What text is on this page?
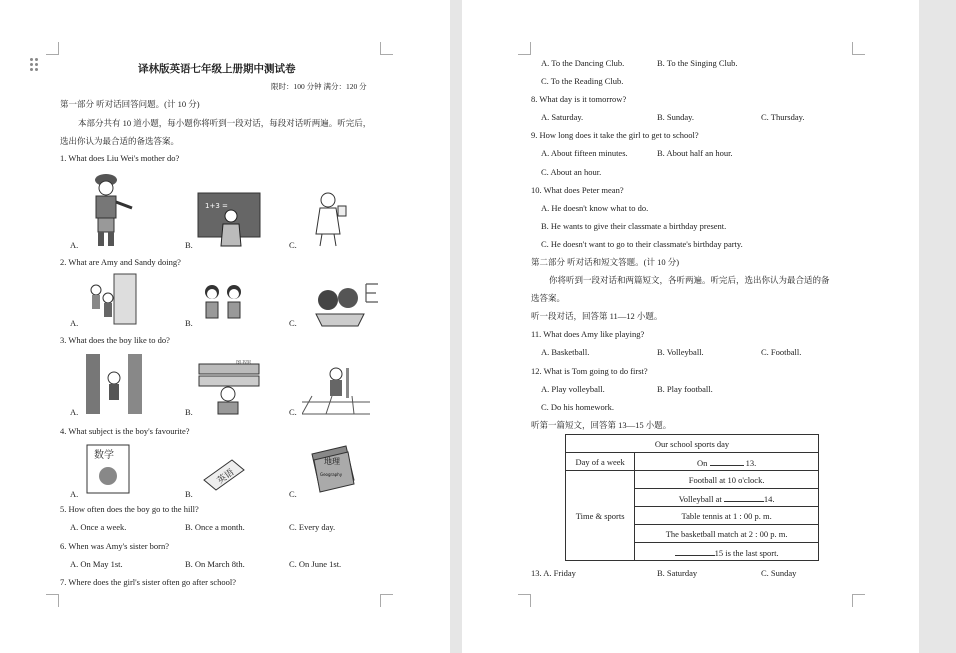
译林版英语七年级上册期中测试卷
限时：100 分钟 满分：120 分
第一部分 听对话回答问题。(计 10 分)
本部分共有 10 道小题，每小题你将听到一段对话，每段对话听两遍。听完后，
选出你认为最合适的备选答案。
1. What does Liu Wei's mother do?
1+3 =
A.	B.	C.
2. What are Amy and Sandy doing?
A.	B.	C.
3. What does the boy like to do?
图书馆
A.	B.	C.
4. What subject is the boy's favourite?
数学
英语
地理
Geography
A.	B.	C.
5. How often does the boy go to the hill?
A. Once a week.	B. Once a month.	C. Every day.
6. When was Amy's sister born?
A. On May 1st.	B. On March 8th.	C. On June 1st.
7. Where does the girl's sister often go after school?
A. To the Dancing Club.	B. To the Singing Club.
C. To the Reading Club.
8. What day is it tomorrow?
A. Saturday.	B. Sunday.	C. Thursday.
9. How long does it take the girl to get to school?
A. About fifteen minutes.	B. About half an hour.
C. About an hour.
10. What does Peter mean?
A. He doesn't know what to do.
B. He wants to give their classmate a birthday present.
C. He doesn't want to go to their classmate's birthday party.
第二部分 听对话和短文答题。(计 10 分)
你将听到一段对话和两篇短文，各听两遍。听完后，选出你认为最合适的备
选答案。
听一段对话，回答第 11—12 小题。
11. What does Amy like playing?
A. Basketball.	B. Volleyball.	C. Football.
12. What is Tom going to do first?
A. Play volleyball.	B. Play football.
C. Do his homework.
听第一篇短文，回答第 13—15 小题。
Our school sports day	
Day of a week	On 13.
Time & sports	Football at 10 o'clock.
	Volleyball at 14.
	Table tennis at 1 : 00 p. m.
	The basketball match at 2 : 00 p. m.
	15 is the last sport.
13. A. Friday	B. Saturday	C. Sunday
